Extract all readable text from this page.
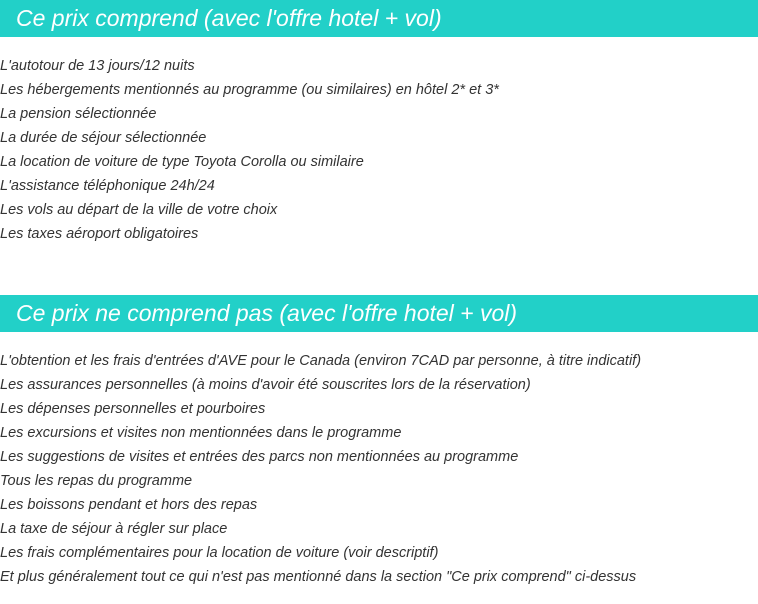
Ce prix comprend (avec l'offre hotel + vol)
L'autotour de 13 jours/12 nuits
Les hébergements mentionnés au programme (ou similaires) en hôtel 2* et 3*
La pension sélectionnée
La durée de séjour sélectionnée
La location de voiture de type Toyota Corolla ou similaire
L'assistance téléphonique 24h/24
Les vols au départ de la ville de votre choix
Les taxes aéroport obligatoires
Ce prix ne comprend pas (avec l'offre hotel + vol)
L'obtention et les frais d'entrées d'AVE pour le Canada (environ 7CAD par personne, à titre indicatif)
Les assurances personnelles (à moins d'avoir été souscrites lors de la réservation)
Les dépenses personnelles et pourboires
Les excursions et visites non mentionnées dans le programme
Les suggestions de visites et entrées des parcs non mentionnées au programme
Tous les repas du programme
Les boissons pendant et hors des repas
La taxe de séjour à régler sur place
Les frais complémentaires pour la location de voiture (voir descriptif)
Et plus généralement tout ce qui n'est pas mentionné dans la section "Ce prix comprend" ci-dessus
